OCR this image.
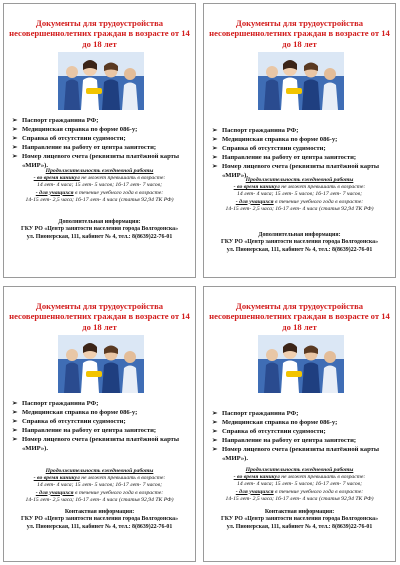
Документы для трудоустройства несовершеннолетних граждан в возрасте от 14 до 18 лет
➢ Паспорт гражданина РФ;
➢ Медицинская справка по форме 086-у;
➢ Справка об отсутствии судимости;
➢ Направление на работу от центра занятости;
➢ Номер лицевого счета (реквизиты платёжной карты «МИР»).
Продолжительность ежедневной работы
- во время каникул не может превышать в возрасте:
14 лет- 4 часа; 15 лет- 5 часов; 16-17 лет- 7 часов;
- для учащихся в течение учебного года в возрасте:
14-15 лет- 2,5 часа; 16-17 лет- 4 часа (статья 92,94 ТК РФ)
Дополнительная информация:
ГКУ РО «Центр занятости населения города Волгодонска»
ул. Пионерская, 111, кабинет № 4, тел.: 8(8639)22-76-01
Документы для трудоустройства несовершеннолетних граждан в возрасте от 14 до 18 лет
➢ Паспорт гражданина РФ;
➢ Медицинская справка по форме 086-у;
➢ Справка об отсутствии судимости;
➢ Направление на работу от центра занятости;
➢ Номер лицевого счета (реквизиты платёжной карты «МИР»).
Продолжительность ежедневной работы
- во время каникул не может превышать в возрасте:
14 лет- 4 часа; 15 лет- 5 часов; 16-17 лет- 7 часов;
- для учащихся в течение учебного года в возрасте:
14-15 лет- 2,5 часа; 16-17 лет- 4 часа (статья 92,94 ТК РФ)
Дополнительная информация:
ГКУ РО «Центр занятости населения города Волгодонска»
ул. Пионерская, 111, кабинет № 4, тел.: 8(8639)22-76-01
Документы для трудоустройства несовершеннолетних граждан в возрасте от 14 до 18 лет
➢ Паспорт гражданина РФ;
➢ Медицинская справка по форме 086-у;
➢ Справка об отсутствии судимости;
➢ Направление на работу от центра занятости;
➢ Номер лицевого счета (реквизиты платёжной карты «МИР»).
Продолжительность ежедневной работы
- во время каникул не может превышать в возрасте:
14 лет- 4 часа; 15 лет- 5 часов; 16-17 лет- 7 часов;
- для учащихся в течение учебного года в возрасте:
14-15 лет- 2,5 часа; 16-17 лет- 4 часа (статья 92,94 ТК РФ)
Контактная информация:
ГКУ РО «Центр занятости населения города Волгодонска»
ул. Пионерская, 111, кабинет № 4, тел.: 8(8639)22-76-01
Документы для трудоустройства несовершеннолетних граждан в возрасте от 14 до 18 лет
➢ Паспорт гражданина РФ;
➢ Медицинская справка по форме 086-у;
➢ Справка об отсутствии судимости;
➢ Направление на работу от центра занятости;
➢ Номер лицевого счета (реквизиты платёжной карты «МИР»).
Продолжительность ежедневной работы
- во время каникул не может превышать в возрасте:
14 лет- 4 часа; 15 лет- 5 часов; 16-17 лет- 7 часов;
- для учащихся в течение учебного года в возрасте:
14-15 лет- 2,5 часа; 16-17 лет- 4 часа (статья 92,94 ТК РФ)
Контактная информация:
ГКУ РО «Центр занятости населения города Волгодонска»
ул. Пионерская, 111, кабинет № 4, тел.: 8(8639)22-76-01
